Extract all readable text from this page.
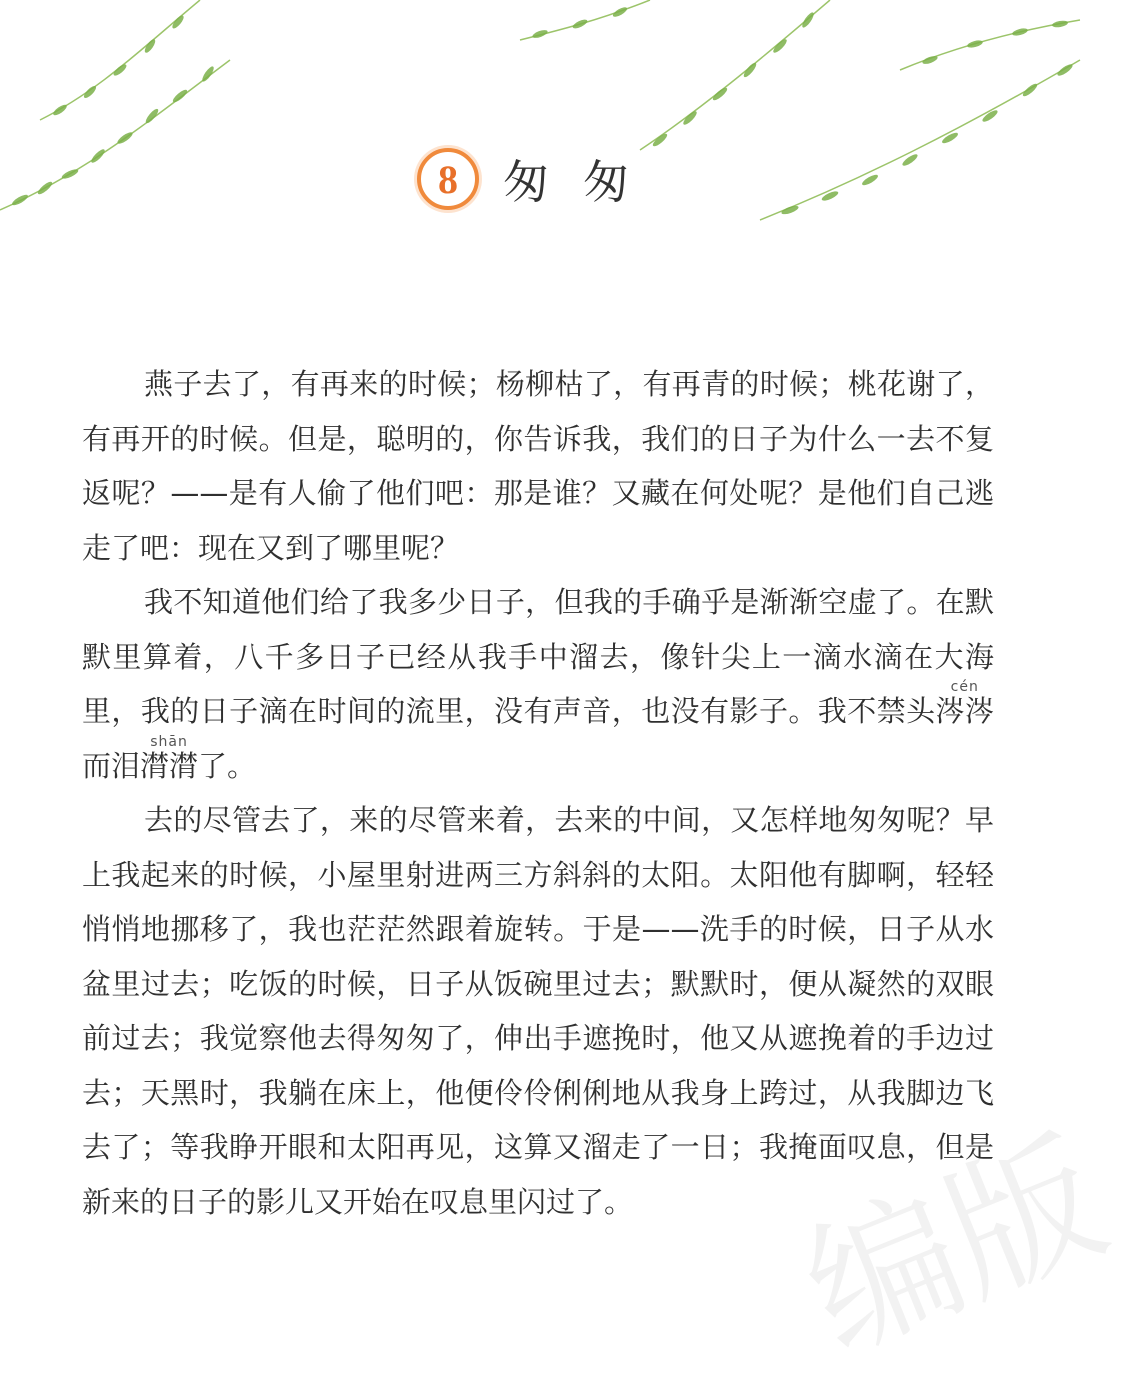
8 匆匆

燕子去了，有再来的时候；杨柳枯了，有再青的时候；桃花谢了，有再开的时候。但是，聪明的，你告诉我，我们的日子为什么一去不复返呢？——是有人偷了他们吧：那是谁？又藏在何处呢？是他们自己逃走了吧：现在又到了哪里呢？

我不知道他们给了我多少日子，但我的手确乎是渐渐空虚了。在默默里算着，八千多日子已经从我手中溜去，像针尖上一滴水滴在大海里，我的日子滴在时间的流里，没有声音，也没有影子。我不禁头涔涔cén而泪潸潸shān了。

去的尽管去了，来的尽管来着，去来的中间，又怎样地匆匆呢？早上我起来的时候，小屋里射进两三方斜斜的太阳。太阳他有脚啊，轻轻悄悄地挪移了，我也茫茫然跟着旋转。于是——洗手的时候，日子从水盆里过去；吃饭的时候，日子从饭碗里过去；默默时，便从凝然的双眼前过去；我觉察他去得匆匆了，伸出手遮挽时，他又从遮挽着的手边过去；天黑时，我躺在床上，他便伶伶俐俐地从我身上跨过，从我脚边飞去了；等我睁开眼和太阳再见，这算又溜走了一日；我掩面叹息，但是新来的日子的影儿又开始在叹息里闪过了。	编版
